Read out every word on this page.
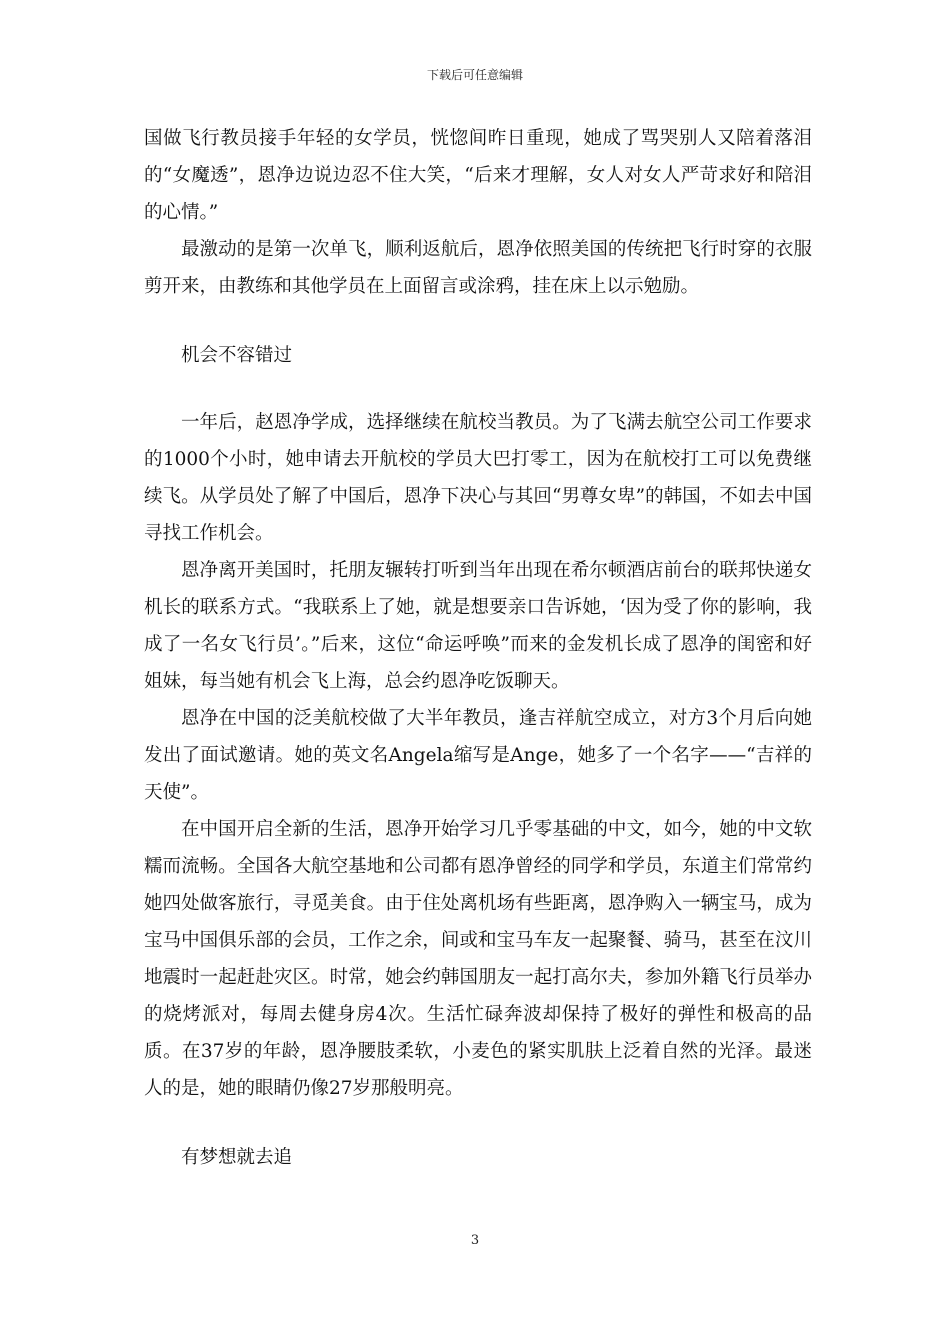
下载后可任意编辑

国做飞行教员接手年轻的女学员，恍惚间昨日重现，她成了骂哭别人又陪着落泪的“女魔透”，恩净边说边忍不住大笑，“后来才理解，女人对女人严苛求好和陪泪的心情。”

最激动的是第一次单飞，顺利返航后，恩净依照美国的传统把飞行时穿的衣服剪开来，由教练和其他学员在上面留言或涂鸦，挂在床上以示勉励。

机会不容错过

一年后，赵恩净学成，选择继续在航校当教员。为了飞满去航空公司工作要求的1000个小时，她申请去开航校的学员大巴打零工，因为在航校打工可以免费继续飞。从学员处了解了中国后，恩净下决心与其回“男尊女卑”的韩国，不如去中国寻找工作机会。

恩净离开美国时，托朋友辗转打听到当年出现在希尔顿酒店前台的联邦快递女机长的联系方式。“我联系上了她，就是想要亲口告诉她，‘因为受了你的影响，我成了一名女飞行员’。”后来，这位“命运呼唤”而来的金发机长成了恩净的闺密和好姐妹，每当她有机会飞上海，总会约恩净吃饭聊天。

恩净在中国的泛美航校做了大半年教员，逢吉祥航空成立，对方3个月后向她发出了面试邀请。她的英文名Angela缩写是Ange，她多了一个名字——“吉祥的天使”。

在中国开启全新的生活，恩净开始学习几乎零基础的中文，如今，她的中文软糯而流畅。全国各大航空基地和公司都有恩净曾经的同学和学员，东道主们常常约她四处做客旅行，寻觅美食。由于住处离机场有些距离，恩净购入一辆宝马，成为宝马中国俱乐部的会员，工作之余，间或和宝马车友一起聚餐、骑马，甚至在汶川地震时一起赶赴灾区。时常，她会约韩国朋友一起打高尔夫，参加外籍飞行员举办的烧烤派对，每周去健身房4次。生活忙碌奔波却保持了极好的弹性和极高的品质。在37岁的年龄，恩净腰肢柔软，小麦色的紧实肌肤上泛着自然的光泽。最迷人的是，她的眼睛仍像27岁那般明亮。

有梦想就去追

3
